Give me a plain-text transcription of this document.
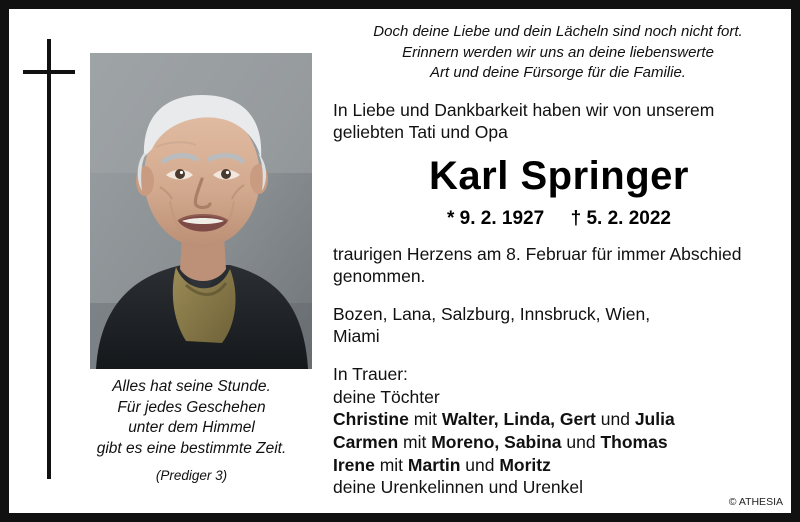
Alles hat seine Stunde.
Für jedes Geschehen
unter dem Himmel
gibt es eine bestimmte Zeit.
(Prediger 3)
Doch deine Liebe und dein Lächeln sind noch nicht fort.
Erinnern werden wir uns an deine liebenswerte
Art und deine Fürsorge für die Familie.
In Liebe und Dankbarkeit haben wir von unserem
geliebten Tati und Opa
Karl Springer
* 9. 2. 1927 † 5. 2. 2022
traurigen Herzens am 8. Februar für immer Abschied
genommen.
Bozen, Lana, Salzburg, Innsbruck, Wien,
Miami
In Trauer:
deine Töchter
Christine mit Walter, Linda, Gert und Julia
Carmen mit Moreno, Sabina und Thomas
Irene mit Martin und Moritz
deine Urenkelinnen und Urenkel
© ATHESIA
